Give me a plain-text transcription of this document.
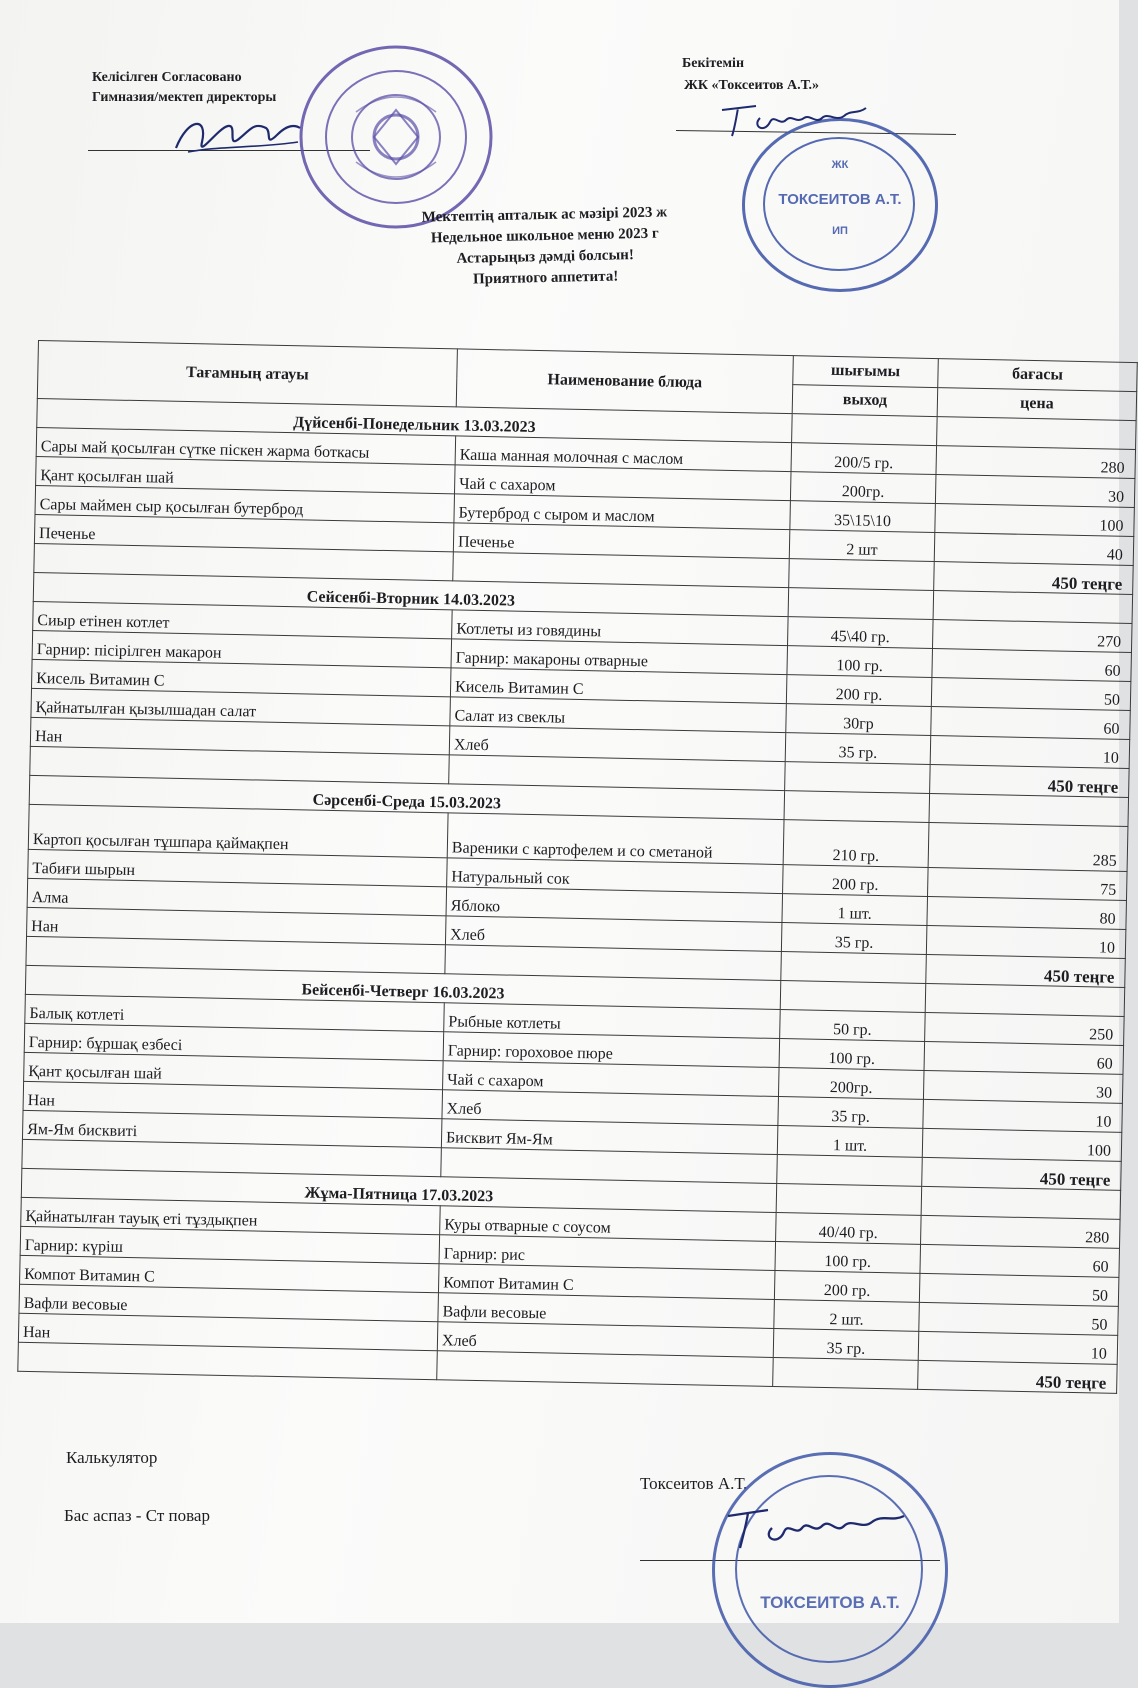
Келісілген Согласовано
Гимназия/мектеп директоры
Бекітемін
ЖК «Токсеитов А.Т.»
ЖК
ТОКСЕИТОВ А.Т.
ИП
Мектептің апталык ас мәзірі 2023 ж
Недельное школьное меню 2023 г
Астарыңыз дәмді болсын!
Приятного аппетита!
Тағамның атауы	Наименование блюда	шығымы	бағасы
		выход	цена
Дүйсенбі-Понедельник 13.03.2023			
Сары май қосылған сүтке піскен жарма боткасы	Каша манная молочная с маслом	200/5 гр.	280
Қант қосылған шай	Чай с сахаром	200гр.	30
Сары маймен сыр қосылған бутерброд	Бутерброд с сыром и маслом	35\15\10	100
Печенье	Печенье	2 шт	40
			450 теңге
Сейсенбі-Вторник 14.03.2023			
Сиыр етінен котлет	Котлеты из говядины	45\40 гр.	270
Гарнир: пісірілген макарон	Гарнир: макароны отварные	100 гр.	60
Кисель Витамин С	Кисель Витамин С	200 гр.	50
Қайнатылған қызылшадан салат	Салат из свеклы	30гр	60
Нан	Хлеб	35 гр.	10
			450 теңге
Сәрсенбі-Среда 15.03.2023			
Картоп қосылған тұшпара қаймақпен	Вареники с картофелем и со сметаной	210 гр.	285
Табиғи шырын	Натуральный сок	200 гр.	75
Алма	Яблоко	1 шт.	80
Нан	Хлеб	35 гр.	10
			450 теңге
Бейсенбі-Четверг 16.03.2023			
Балық котлеті	Рыбные котлеты	50 гр.	250
Гарнир: бұршақ езбесі	Гарнир: гороховое пюре	100 гр.	60
Қант қосылған шай	Чай с сахаром	200гр.	30
Нан	Хлеб	35 гр.	10
Ям-Ям бисквиті	Бисквит Ям-Ям	1 шт.	100
			450 теңге
Жұма-Пятница 17.03.2023			
Қайнатылған тауық еті тұздықпен	Куры отварные с соусом	40/40 гр.	280
Гарнир: күріш	Гарнир: рис	100 гр.	60
Компот Витамин С	Компот Витамин С	200 гр.	50
Вафли весовые	Вафли весовые	2 шт.	50
Нан	Хлеб	35 гр.	10
			450 теңге
Калькулятор
Бас аспаз - Ст повар
Токсеитов А.Т.
ТОКСЕИТОВ А.Т.
